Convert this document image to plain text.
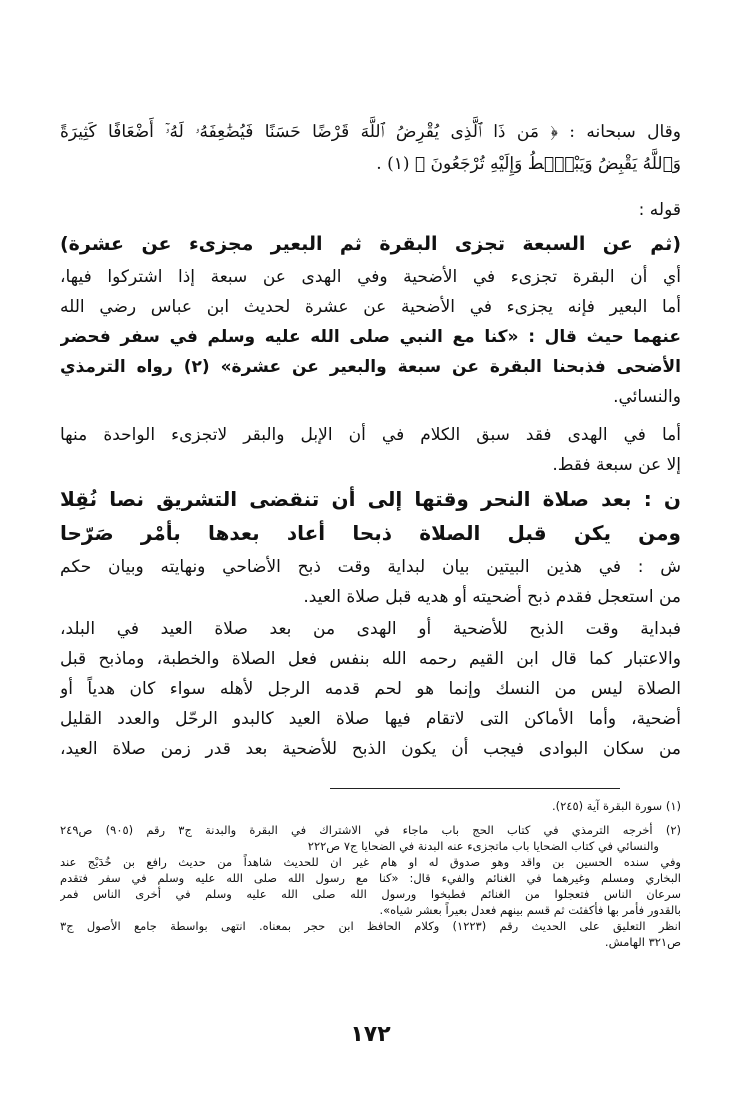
وقال سبحانه : ﴿ مَن ذَا ٱلَّذِى يُقْرِضُ ٱللَّهَ قَرْضًا حَسَنًا فَيُضَٰعِفَهُۥ لَهُۥٓ أَضْعَافًا كَثِيرَةً
وَٱللَّهُ يَقْبِضُ وَيَبْصُۜطُ وَإِلَيْهِ تُرْجَعُونَ ﴾ (١) .
قوله :
(ثم عن السبعة تجزى البقرة ثم البعير مجزىء عن عشرة)
أي أن البقرة تجزىء في الأضحية وفي الهدى عن سبعة إذا اشتركوا فيها،
أما البعير فإنه يجزىء في الأضحية عن عشرة لحديث ابن عباس رضي الله
عنهما حيث قال : «كنا مع النبي صلى الله عليه وسلم في سفر فحضر
الأضحى فذبحنا البقرة عن سبعة والبعير عن عشرة» (٢) رواه الترمذي
والنسائي.
أما في الهدى فقد سبق الكلام في أن الإبل والبقر لاتجزىء الواحدة منها
إلا عن سبعة فقط.
ن : بعد صلاة النحر وقتها إلى أن تنقضى التشريق نصا نُقِلا
ومن يكن قبل الصلاة ذبحا أعاد بعدها بأمْر صَرّحا
ش : في هذين البيتين بيان لبداية وقت ذبح الأضاحي ونهايته وبيان حكم
من استعجل فقدم ذبح أضحيته أو هديه قبل صلاة العيد.
فبداية وقت الذبح للأضحية أو الهدى من بعد صلاة العيد في البلد،
والاعتبار كما قال ابن القيم رحمه الله بنفس فعل الصلاة والخطبة، وماذبح قبل
الصلاة ليس من النسك وإنما هو لحم قدمه الرجل لأهله سواء كان هدياً أو
أضحية، وأما الأماكن التى لاتقام فيها صلاة العيد كالبدو الرحّل والعدد القليل
من سكان البوادى فيجب أن يكون الذبح للأضحية بعد قدر زمن صلاة العيد،
(١) سورة البقرة آية (٢٤٥).
(٢) أخرجه الترمذي في كتاب الحج باب ماجاء في الاشتراك في البقرة والبدنة ج٣ رقم (٩٠٥) ص٢٤٩
والنسائي في كتاب الضحايا باب ماتجزىء عنه البدنة في الضحايا ج٧ ص٢٢٢
وفي سنده الحسين بن واقد وهو صدوق له او هام غير ان للحديث شاهداً من حديث رافع بن خُدَيْج عند
البخاري ومسلم وغيرهما في الغنائم والفيء قال: «كنا مع رسول الله صلى الله عليه وسلم في سفر فتقدم
سرعان الناس فتعجلوا من الغنائم فطبخوا ورسول الله صلى الله عليه وسلم في أخرى الناس فمر
بالقدور فأمر بها فأكفئت ثم قسم بينهم فعدل بعيراً بعشر شياه».
انظر التعليق على الحديث رقم (١٢٢٣) وكلام الحافظ ابن حجر بمعناه. انتهى بواسطة جامع الأصول ج٣
ص٣٢١ الهامش.
١٧٢
